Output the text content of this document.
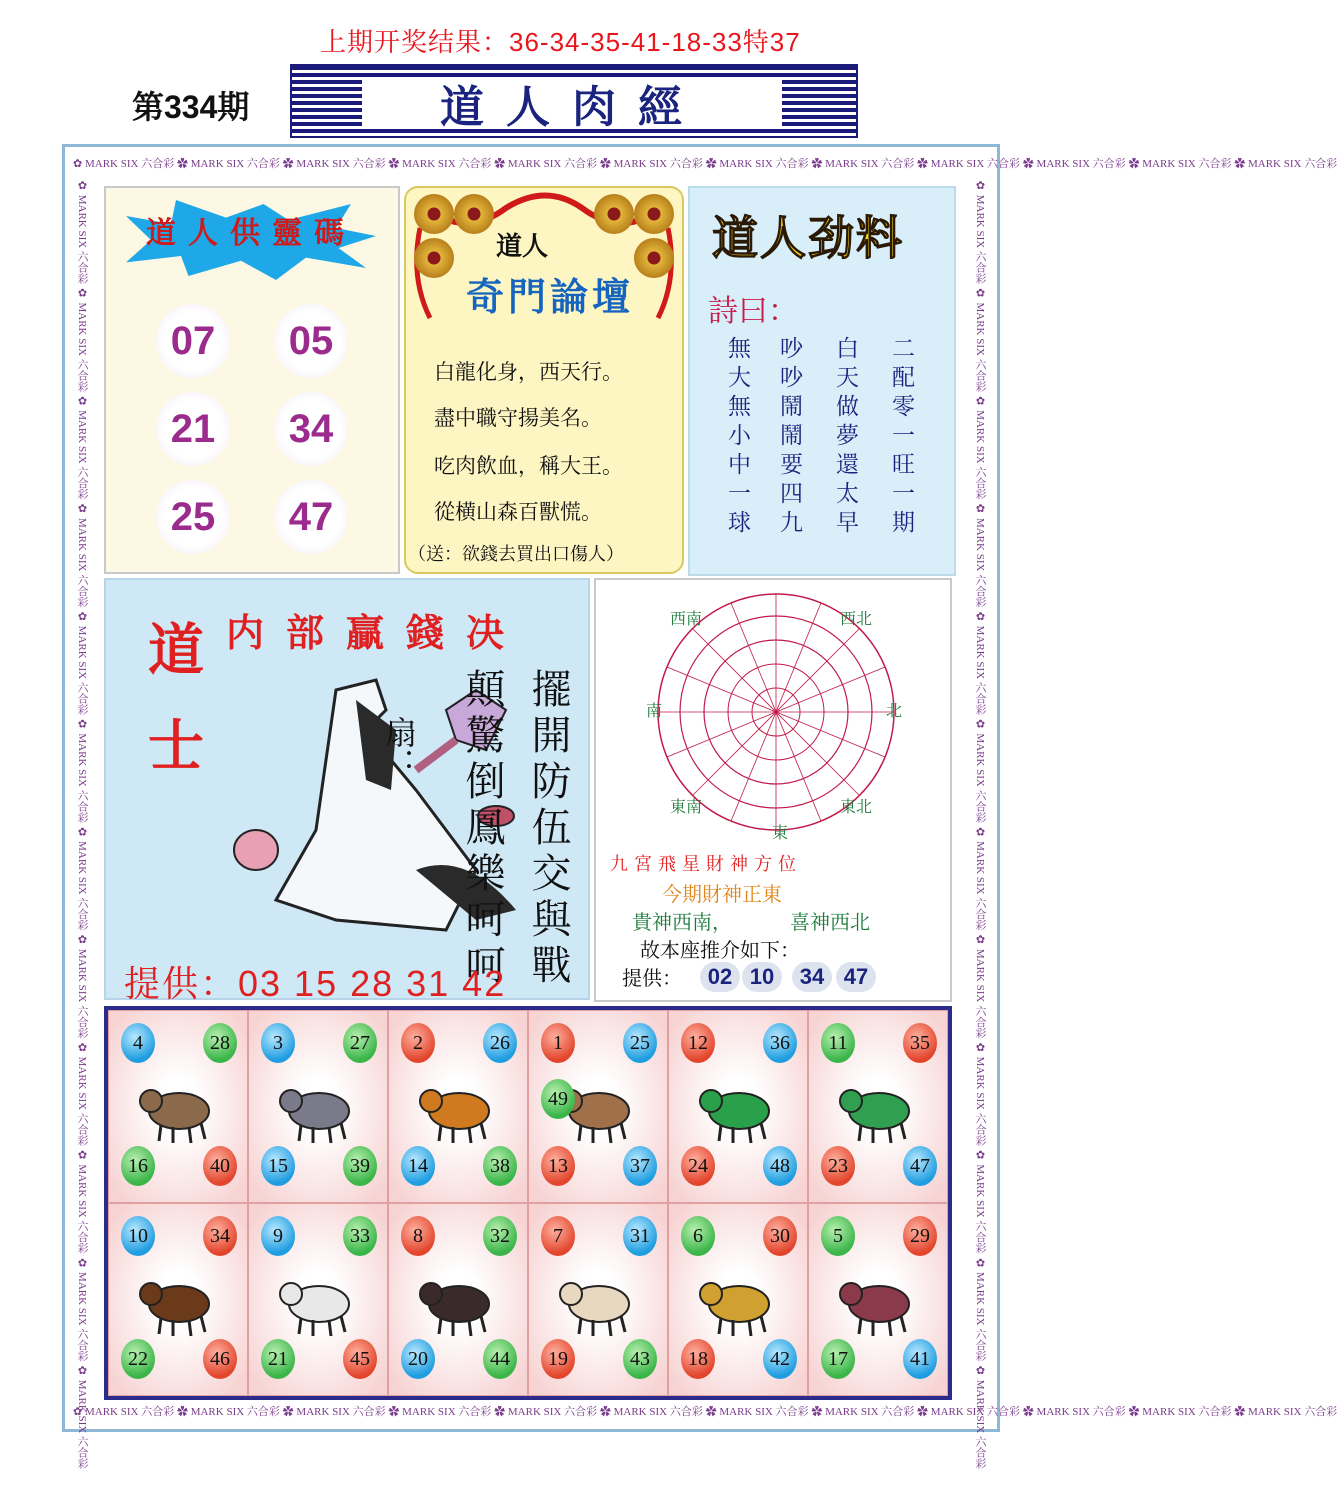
上期开奖结果：36-34-35-41-18-33特37
第334期	道人肉經
✿ MARK SIX 六合彩 ✿ MARK SIX 六合彩 ✿ MARK SIX 六合彩 ✿ MARK SIX 六合彩 ✿ MARK SIX 六合彩 ✿ MARK SIX 六合彩 ✿ MARK SIX 六合彩 ✿ MARK SIX 六合彩 ✿ MARK SIX 六合彩 ✿ MARK SIX 六合彩 ✿ MARK SIX 六合彩 ✿ MARK SIX 六合彩
✿ MARK SIX 六合彩 ✿ MARK SIX 六合彩 ✿ MARK SIX 六合彩 ✿ MARK SIX 六合彩 ✿ MARK SIX 六合彩 ✿ MARK SIX 六合彩 ✿ MARK SIX 六合彩 ✿ MARK SIX 六合彩 ✿ MARK SIX 六合彩 ✿ MARK SIX 六合彩 ✿ MARK SIX 六合彩 ✿ MARK SIX 六合彩
✿ MARK SIX 六合彩 ✿ MARK SIX 六合彩 ✿ MARK SIX 六合彩 ✿ MARK SIX 六合彩 ✿ MARK SIX 六合彩 ✿ MARK SIX 六合彩 ✿ MARK SIX 六合彩 ✿ MARK SIX 六合彩 ✿ MARK SIX 六合彩 ✿ MARK SIX 六合彩 ✿ MARK SIX 六合彩 ✿ MARK SIX 六合彩	✿ MARK SIX 六合彩 ✿ MARK SIX 六合彩 ✿ MARK SIX 六合彩 ✿ MARK SIX 六合彩 ✿ MARK SIX 六合彩 ✿ MARK SIX 六合彩 ✿ MARK SIX 六合彩 ✿ MARK SIX 六合彩 ✿ MARK SIX 六合彩 ✿ MARK SIX 六合彩 ✿ MARK SIX 六合彩 ✿ MARK SIX 六合彩
道人供靈碼
07	05
21	34
25	47
道人
奇門論壇
白龍化身，西天行。
盡中職守揚美名。
吃肉飲血，稱大王。
從横山森百獸慌。
（送：欲錢去買出口傷人）
道人劲料
詩曰：
二配零一旺一期
白天做夢還太早
吵吵鬧鬧要四九
無大無小中一球
内部贏錢决
道士	扇：	擺開防伍交與戰
顛驚倒鳳樂呵呵
提供：03 15 28 31 42
東
北
南
東北
西北
東南
西南
九宮飛星財神方位
今期財神正東
貴神西南，	喜神西北
故本座推介如下：
提供：	02 10	34 47
4	28
16	40
3	27
15	39
2	26
14	38
1	25
13	37
49
12	36
24	48
11	35
23	47
10	34
22	46
9	33
21	45
8	32
20	44
7	31
19	43
6	30
18	42
5	29
17	41
